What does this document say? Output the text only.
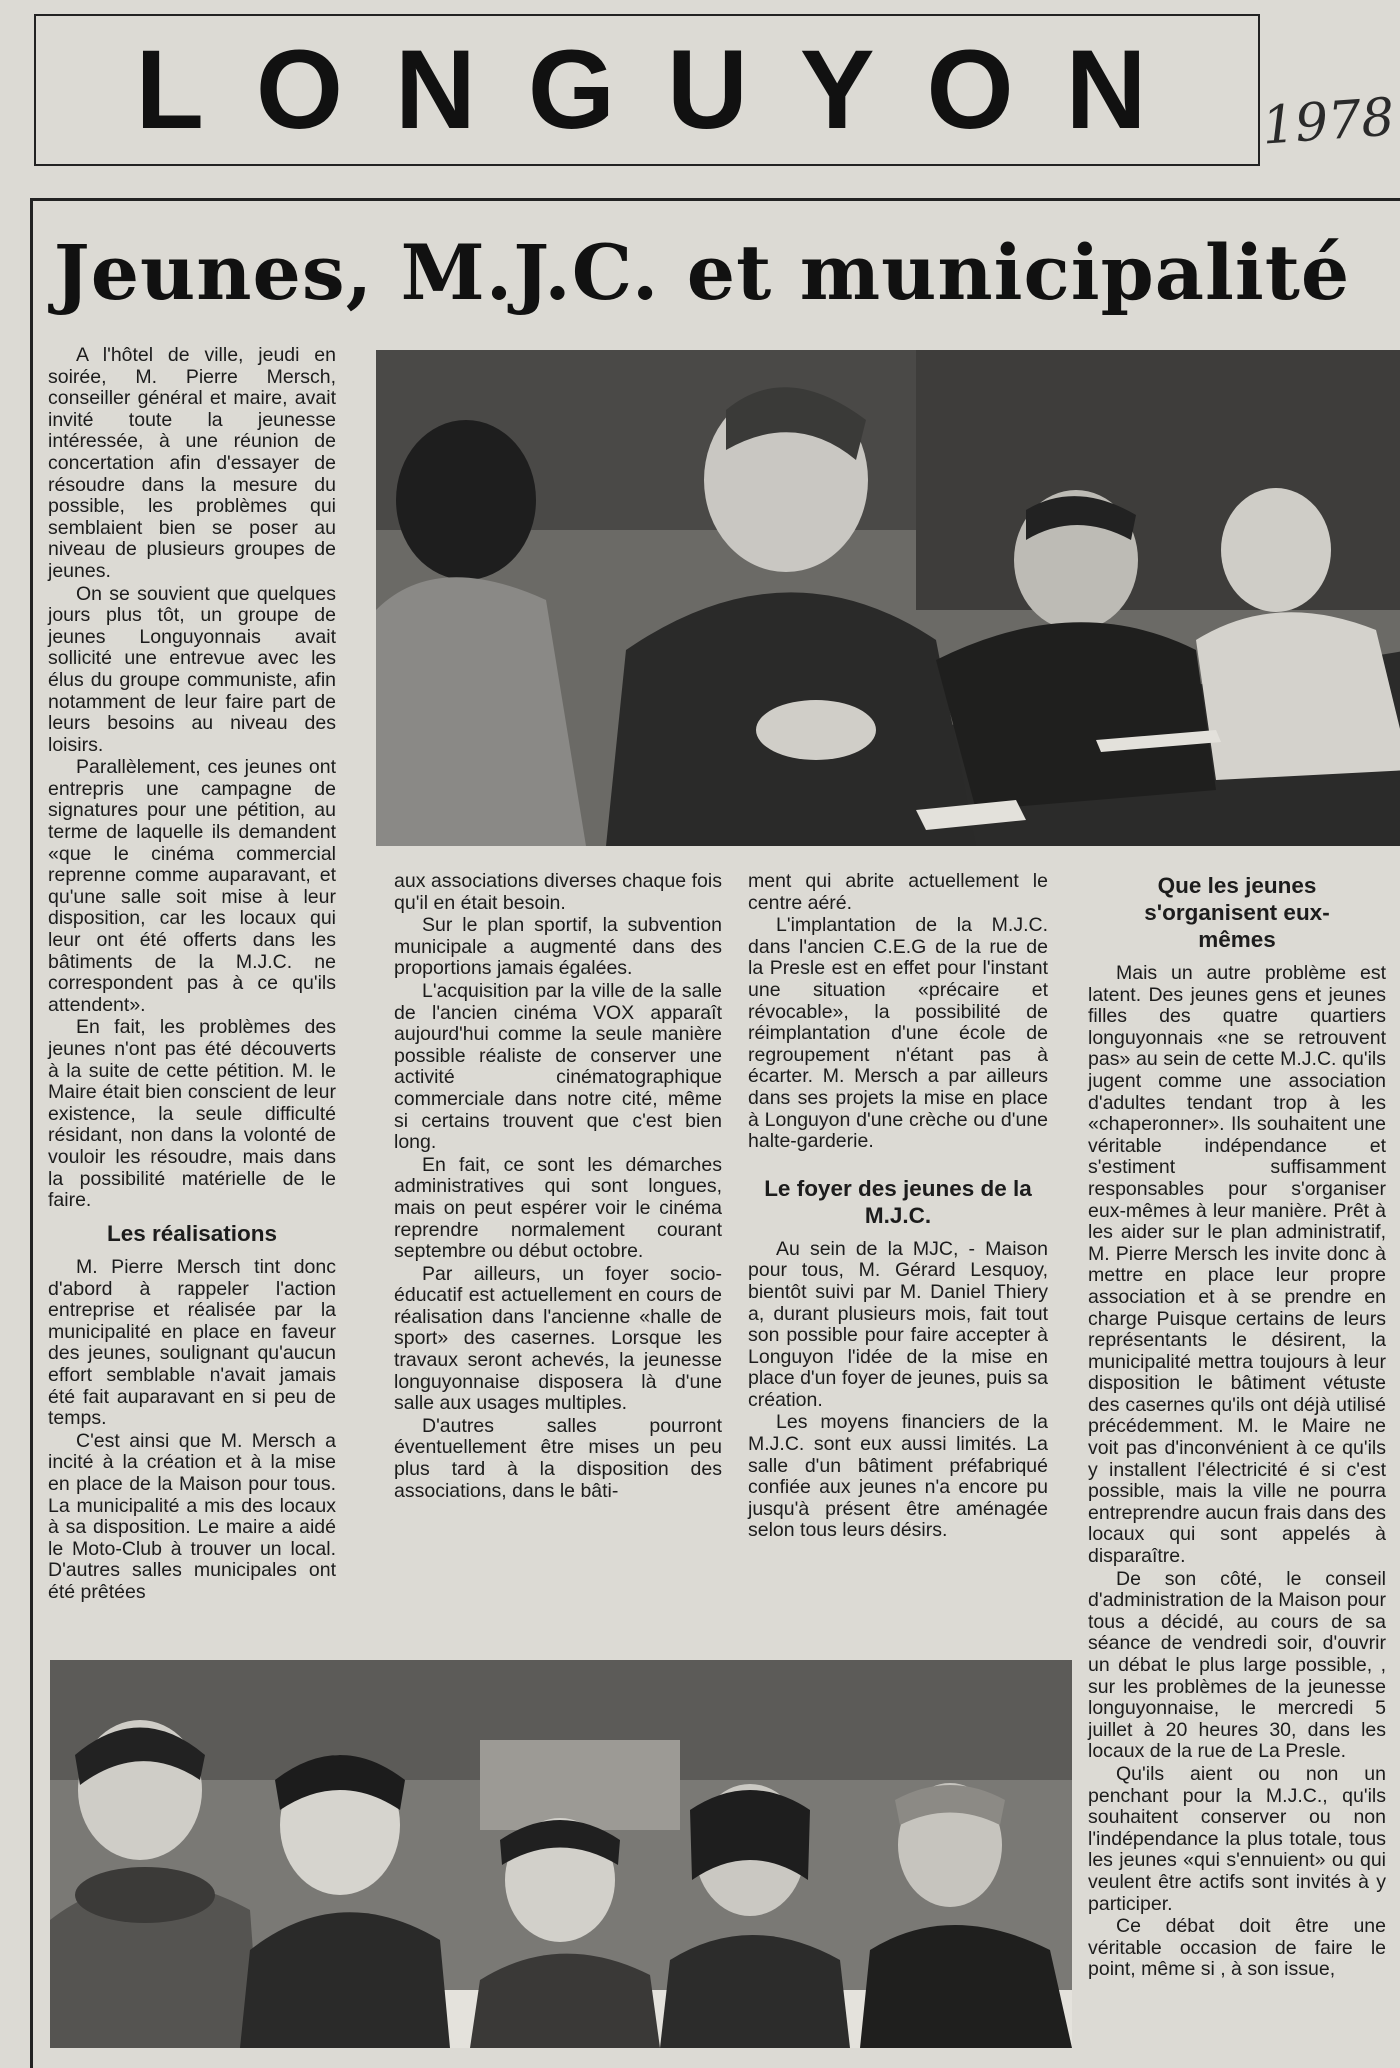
LONGUYON 1978
Jeunes, M.J.C. et municipalité

A l'hôtel de ville, jeudi en soirée, M. Pierre Mersch, conseiller général et maire, avait invité toute la jeunesse intéressée, à une réunion de concertation afin d'essayer de résoudre dans la mesure du possible, les problèmes qui semblaient bien se poser au niveau de plusieurs groupes de jeunes.

On se souvient que quelques jours plus tôt, un groupe de jeunes Longuyonnais avait sollicité une entrevue avec les élus du groupe communiste, afin notamment de leur faire part de leurs besoins au niveau des loisirs.

Parallèlement, ces jeunes ont entrepris une campagne de signatures pour une pétition, au terme de laquelle ils demandent «que le cinéma commercial reprenne comme auparavant, et qu'une salle soit mise à leur disposition, car les locaux qui leur ont été offerts dans les bâtiments de la M.J.C. ne correspondent pas à ce qu'ils attendent».

En fait, les problèmes des jeunes n'ont pas été découverts à la suite de cette pétition. M. le Maire était bien conscient de leur existence, la seule difficulté résidant, non dans la volonté de vouloir les résoudre, mais dans la possibilité matérielle de le faire.

Les réalisations

M. Pierre Mersch tint donc d'abord à rappeler l'action entreprise et réalisée par la municipalité en place en faveur des jeunes, soulignant qu'aucun effort semblable n'avait jamais été fait auparavant en si peu de temps.

C'est ainsi que M. Mersch a incité à la création et à la mise en place de la Maison pour tous. La municipalité a mis des locaux à sa disposition. Le maire a aidé le Moto-Club à trouver un local. D'autres salles municipales ont été prêtées

aux associations diverses chaque fois qu'il en était besoin.

Sur le plan sportif, la subvention municipale a augmenté dans des proportions jamais égalées.

L'acquisition par la ville de la salle de l'ancien cinéma VOX apparaît aujourd'hui comme la seule manière possible réaliste de conserver une activité cinématographique commerciale dans notre cité, même si certains trouvent que c'est bien long.

En fait, ce sont les démarches administratives qui sont longues, mais on peut espérer voir le cinéma reprendre normalement courant septembre ou début octobre.

Par ailleurs, un foyer socio-éducatif est actuellement en cours de réalisation dans l'ancienne «halle de sport» des casernes. Lorsque les travaux seront achevés, la jeunesse longuyonnaise disposera là d'une salle aux usages multiples.

D'autres salles pourront éventuellement être mises un peu plus tard à la disposition des associations, dans le bâti-

ment qui abrite actuellement le centre aéré.

L'implantation de la M.J.C. dans l'ancien C.E.G de la rue de la Presle est en effet pour l'instant une situation «précaire et révocable», la possibilité de réimplantation d'une école de regroupement n'étant pas à écarter. M. Mersch a par ailleurs dans ses projets la mise en place à Longuyon d'une crèche ou d'une halte-garderie.

Le foyer des jeunes de la M.J.C.

Au sein de la MJC, - Maison pour tous, M. Gérard Lesquoy, bientôt suivi par M. Daniel Thiery a, durant plusieurs mois, fait tout son possible pour faire accepter à Longuyon l'idée de la mise en place d'un foyer de jeunes, puis sa création.

Les moyens financiers de la M.J.C. sont eux aussi limités. La salle d'un bâtiment préfabriqué confiée aux jeunes n'a encore pu jusqu'à présent être aménagée selon tous leurs désirs.

Que les jeunes s'organisent eux-mêmes

Mais un autre problème est latent. Des jeunes gens et jeunes filles des quatre quartiers longuyonnais «ne se retrouvent pas» au sein de cette M.J.C. qu'ils jugent comme une association d'adultes tendant trop à les «chaperonner». Ils souhaitent une véritable indépendance et s'estiment suffisamment responsables pour s'organiser eux-mêmes à leur manière. Prêt à les aider sur le plan administratif, M. Pierre Mersch les invite donc à mettre en place leur propre association et à se prendre en charge Puisque certains de leurs représentants le désirent, la municipalité mettra toujours à leur disposition le bâtiment vétuste des casernes qu'ils ont déjà utilisé précédemment. M. le Maire ne voit pas d'inconvénient à ce qu'ils y installent l'électricité é si c'est possible, mais la ville ne pourra entreprendre aucun frais dans des locaux qui sont appelés à disparaître.

De son côté, le conseil d'administration de la Maison pour tous a décidé, au cours de sa séance de vendredi soir, d'ouvrir un débat le plus large possible, , sur les problèmes de la jeunesse longuyonnaise, le mercredi 5 juillet à 20 heures 30, dans les locaux de la rue de La Presle.

Qu'ils aient ou non un penchant pour la M.J.C., qu'ils souhaitent conserver ou non l'indépendance la plus totale, tous les jeunes «qui s'ennuient» ou qui veulent être actifs sont invités à y participer.

Ce débat doit être une véritable occasion de faire le point, même si , à son issue,
